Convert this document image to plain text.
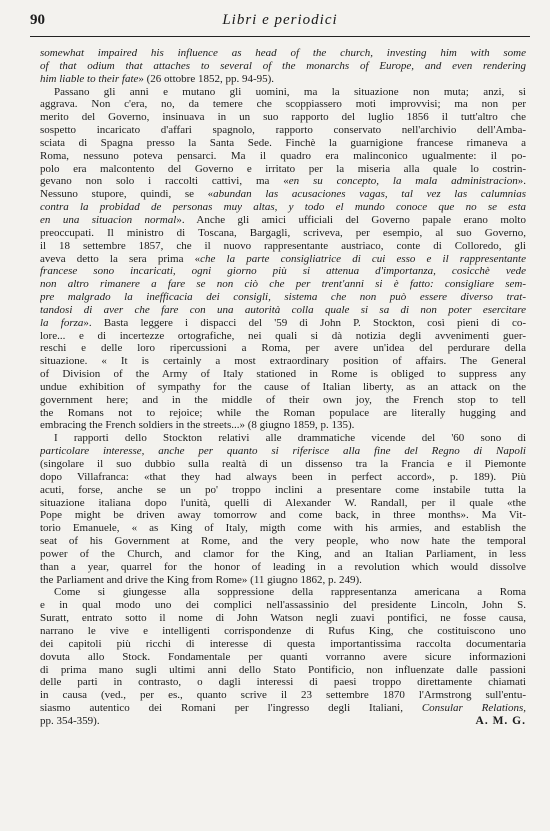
90	Libri e periodici
somewhat impaired his influence as head of the church, investing him with some
of that odium that attaches to several of the monarchs of Europe, and even rendering
him liable to their fate» (26 ottobre 1852, pp. 94-95).
Passano gli anni e mutano gli uomini, ma la situazione non muta; anzi, si
aggrava. Non c'era, no, da temere che scoppiassero moti improvvisi; ma non per
merito del Governo, insinuava in un suo rapporto del luglio 1856 il tutt'altro che
sospetto incaricato d'affari spagnolo, rapporto conservato nell'archivio dell'Amba-
sciata di Spagna presso la Santa Sede. Finchè la guarnigione francese rimaneva a
Roma, nessuno poteva pensarci. Ma il quadro era malinconico ugualmente: il po-
polo era malcontento del Governo e irritato per la miseria alla quale lo costrin-
gevano non solo i raccolti cattivi, ma «en su concepto, la mala administracion».
Nessuno stupore, quindi, se «abundan las acusaciones vagas, tal vez las calumnias
contra la probidad de personas muy altas, y todo el mundo conoce que no se esta
en una situacion normal». Anche gli amici ufficiali del Governo papale erano molto
preoccupati. Il ministro di Toscana, Bargagli, scriveva, per esempio, al suo Governo,
il 18 settembre 1857, che il nuovo rappresentante austriaco, conte di Colloredo, gli
aveva detto la sera prima «che la parte consigliatrice di cui esso e il rappresentante
francese sono incaricati, ogni giorno più si attenua d'importanza, cosicchè vede
non altro rimanere a fare se non ciò che per trent'anni si è fatto: consigliare sem-
pre malgrado la inefficacia dei consigli, sistema che non può essere diverso trat-
tandosi di aver che fare con una autorità colla quale si sa di non poter esercitare
la forza». Basta leggere i dispacci del '59 di John P. Stockton, così pieni di co-
lore... e di incertezze ortografiche, nei quali si dà notizia degli avvenimenti guer-
reschi e delle loro ripercussioni a Roma, per avere un'idea del perdurare della
situazione. « It is certainly a most extraordinary position of affairs. The General
of Division of the Army of Italy stationed in Rome is obliged to suppress any
undue exhibition of sympathy for the cause of Italian liberty, as an attack on the
government here; and in the middle of their own joy, the French stop to tell
the Romans not to rejoice; while the Roman populace are literally hugging and
embracing the French soldiers in the streets...» (8 giugno 1859, p. 135).
I rapporti dello Stockton relativi alle drammatiche vicende del '60 sono di
particolare interesse, anche per quanto si riferisce alla fine del Regno di Napoli
(singolare il suo dubbio sulla realtà di un dissenso tra la Francia e il Piemonte
dopo Villafranca: «that they had always been in perfect accord», p. 189). Più
acuti, forse, anche se un po' troppo inclini a presentare come instabile tutta la
situazione italiana dopo l'unità, quelli di Alexander W. Randall, per il quale «the
Pope might be driven away tomorrow and come back, in three months». Ma Vit-
torio Emanuele, « as King of Italy, migth come with his armies, and establish the
seat of his Government at Rome, and the very people, who now hate the temporal
power of the Church, and clamor for the King, and an Italian Parliament, in less
than a year, quarrel for the honor of leading in a revolution which would dissolve
the Parliament and drive the King from Rome» (11 giugno 1862, p. 249).
Come si giungesse alla soppressione della rappresentanza americana a Roma
e in qual modo uno dei complici nell'assassinio del presidente Lincoln, John S.
Suratt, entrato sotto il nome di John Watson negli zuavi pontifici, ne fosse causa,
narrano le vive e intelligenti corrispondenze di Rufus King, che costituiscono uno
dei capitoli più ricchi di interesse di questa importantissima raccolta documentaria
dovuta allo Stock. Fondamentale per quanti vorranno avere sicure informazioni
di prima mano sugli ultimi anni dello Stato Pontificio, non influenzate dalle passioni
delle parti in contrasto, o dagli interessi di paesi troppo direttamente chiamati
in causa (ved., per es., quanto scrive il 23 settembre 1870 l'Armstrong sull'entu-
siasmo autentico dei Romani per l'ingresso degli Italiani, Consular Relations,
pp. 354-359).	A. M. G.
